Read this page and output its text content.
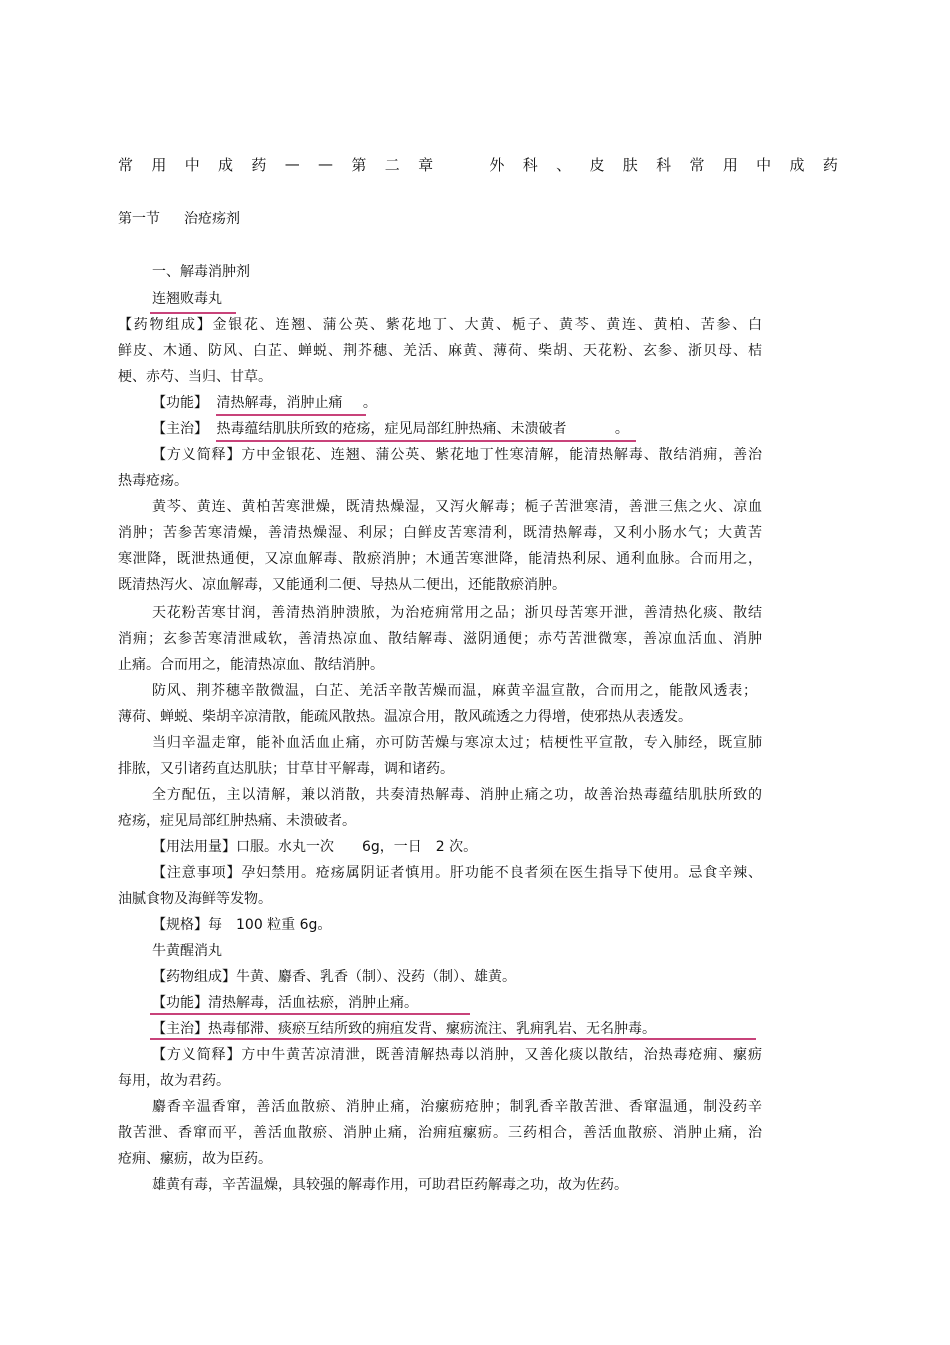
常 用 中 成 药 — — 第 二 章	外 科 、 皮 肤 科 常 用 中 成 药
第一节 治疮疡剂
一、解毒消肿剂
连翘败毒丸
【药物组成】金银花、连翘、蒲公英、紫花地丁、大黄、栀子、黄芩、黄连、黄柏、苦参、白
鲜皮、木通、防风、白芷、蝉蜕、荆芥穗、羌活、麻黄、薄荷、柴胡、天花粉、玄参、浙贝母、桔
梗、赤芍、当归、甘草。
【功能】 清热解毒，消肿止痛 。
【主治】 热毒蕴结肌肤所致的疮疡，症见局部红肿热痛、未溃破者	。
【方义简释】方中金银花、连翘、蒲公英、紫花地丁性寒清解，能清热解毒、散结消痈，善治
热毒疮疡。
黄芩、黄连、黄柏苦寒泄燥，既清热燥湿，又泻火解毒；栀子苦泄寒清，善泄三焦之火、凉血
消肿；苦参苦寒清燥，善清热燥湿、利尿；白鲜皮苦寒清利，既清热解毒，又利小肠水气；大黄苦
寒泄降，既泄热通便，又凉血解毒、散瘀消肿；木通苦寒泄降，能清热利尿、通利血脉。合而用之，
既清热泻火、凉血解毒，又能通利二便、导热从二便出，还能散瘀消肿。
天花粉苦寒甘润，善清热消肿溃脓，为治疮痈常用之品；浙贝母苦寒开泄，善清热化痰、散结
消痈；玄参苦寒清泄咸软，善清热凉血、散结解毒、滋阴通便；赤芍苦泄微寒，善凉血活血、消肿
止痛。合而用之，能清热凉血、散结消肿。
防风、荆芥穗辛散微温，白芷、羌活辛散苦燥而温，麻黄辛温宣散，合而用之，能散风透表；
薄荷、蝉蜕、柴胡辛凉清散，能疏风散热。温凉合用，散风疏透之力得增，使邪热从表透发。
当归辛温走窜，能补血活血止痛，亦可防苦燥与寒凉太过；桔梗性平宣散，专入肺经，既宣肺
排脓，又引诸药直达肌肤；甘草甘平解毒，调和诸药。
全方配伍，主以清解，兼以消散，共奏清热解毒、消肿止痛之功，故善治热毒蕴结肌肤所致的
疮疡，症见局部红肿热痛、未溃破者。
【用法用量】口服。水丸一次　　6g，一日　2 次。
【注意事项】孕妇禁用。疮疡属阴证者慎用。肝功能不良者须在医生指导下使用。忌食辛辣、
油腻食物及海鲜等发物。
【规格】每　100 粒重 6g。
牛黄醒消丸
【药物组成】牛黄、麝香、乳香（制）、没药（制）、雄黄。
【功能】清热解毒，活血祛瘀，消肿止痛。
【主治】热毒郁滞、痰瘀互结所致的痈疽发背、瘰疬流注、乳痈乳岩、无名肿毒。
【方义简释】方中牛黄苦凉清泄，既善清解热毒以消肿，又善化痰以散结，治热毒疮痈、瘰疬
每用，故为君药。
麝香辛温香窜，善活血散瘀、消肿止痛，治瘰疬疮肿；制乳香辛散苦泄、香窜温通，制没药辛
散苦泄、香窜而平，善活血散瘀、消肿止痛，治痈疽瘰疬。三药相合，善活血散瘀、消肿止痛，治
疮痈、瘰疬，故为臣药。
雄黄有毒，辛苦温燥，具较强的解毒作用，可助君臣药解毒之功，故为佐药。
